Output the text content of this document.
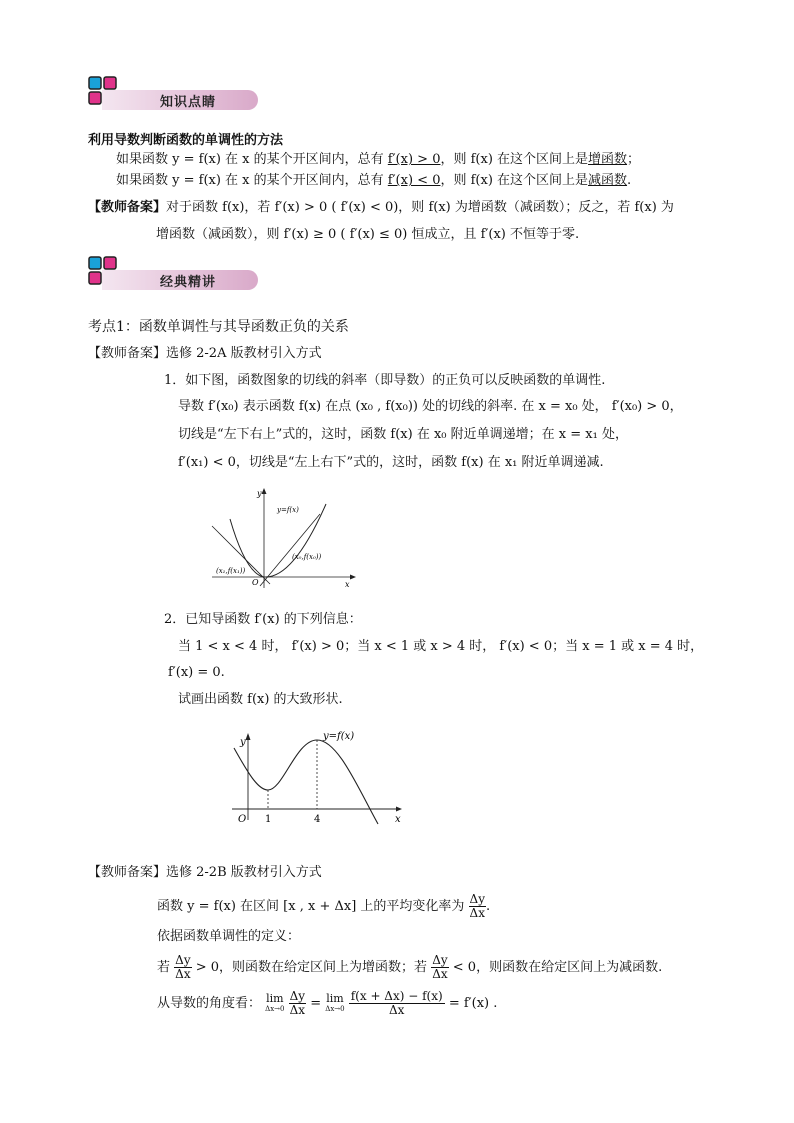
知识点睛
利用导数判断函数的单调性的方法
如果函数 y = f(x) 在 x 的某个开区间内，总有 f′(x) > 0，则 f(x) 在这个区间上是增函数；
如果函数 y = f(x) 在 x 的某个开区间内，总有 f′(x) < 0，则 f(x) 在这个区间上是减函数.
【教师备案】对于函数 f(x)，若 f′(x) > 0 ( f′(x) < 0)，则 f(x) 为增函数（减函数）；反之，若 f(x) 为
增函数（减函数），则 f′(x) ≥ 0 ( f′(x) ≤ 0) 恒成立，且 f′(x) 不恒等于零.
经典精讲
考点1：函数单调性与其导函数正负的关系
【教师备案】选修 2-2A 版教材引入方式
1．如下图，函数图象的切线的斜率（即导数）的正负可以反映函数的单调性.
导数 f′(x₀) 表示函数 f(x) 在点 (x₀ , f(x₀)) 处的切线的斜率. 在 x = x₀ 处， f′(x₀) > 0，
切线是“左下右上”式的，这时，函数 f(x) 在 x₀ 附近单调递增；在 x = x₁ 处，
f′(x₁) < 0，切线是“左上右下”式的，这时，函数 f(x) 在 x₁ 附近单调递减.
y
x
O
y=f(x)
(x₀,f(x₀))
(x₁,f(x₁))
2．已知导函数 f′(x) 的下列信息：
当 1 < x < 4 时， f′(x) > 0；当 x < 1 或 x > 4 时， f′(x) < 0；当 x = 1 或 x = 4 时，
f′(x) = 0.
试画出函数 f(x) 的大致形状.
y
x
O 1	4
y=f(x)
【教师备案】选修 2-2B 版教材引入方式
函数 y = f(x) 在区间 [x , x + Δx] 上的平均变化率为 $\frac{\Delta y}{\Delta x}$ .
依据函数单调性的定义：
若 $\frac{\Delta y}{\Delta x} > 0$，则函数在给定区间上为增函数；若 $\frac{\Delta y}{\Delta x} < 0$，则函数在给定区间上为减函数.
从导数的角度看： lim
Δx→0
$\frac{\Delta y}{\Delta x} = \lim$
Δx→0
$\frac{f(x + \Delta x) - f(x)}{\Delta x} = f'(x)$ .
